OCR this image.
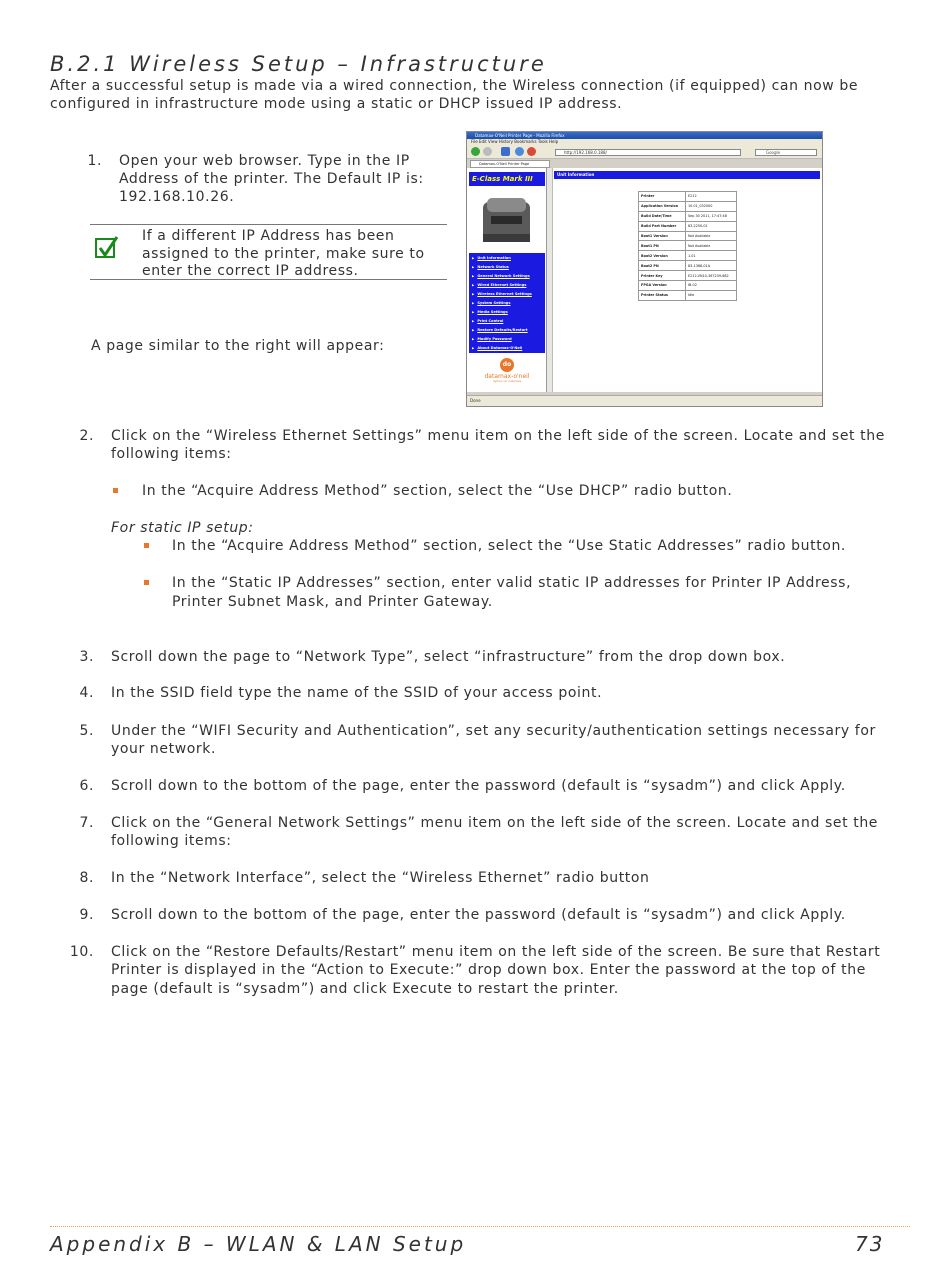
B.2.1 Wireless Setup – Infrastructure

After a successful setup is made via a wired connection, the Wireless connection (if equipped) can now be configured in infrastructure mode using a static or DHCP issued IP address.

1. Open your web browser. Type in the IP
Address of the printer. The Default IP is:
192.168.10.26.
If a different IP Address has been
assigned to the printer, make sure to
enter the correct IP address.
A page similar to the right will appear:
Datamax-O'Neil Printer Page - Mozilla Firefox
File Edit View History Bookmarks Tools Help
http://192.168.0.188/	Google
Datamax-O'Neil Printer Page
E-Class Mark III
▶ Unit Information
▶ Network Status
▶ General Network Settings
▶ Wired Ethernet Settings
▶ Wireless Ethernet Settings
▶ System Settings
▶ Media Settings
▶ Print Control
▶ Restore Defaults/Restart
▶ Modify Password
▶ About Datamax-O'Neil
do
datamax-o'neil
right by our customers
Unit Information
Printer	E212
Application Version	10.01_032000
Build Date/Time	Sep 30 2011, 17:47:48
Build Part Number	83-2250-01
Boot1 Version	Not Available
Boot1 PN	Not Available
Boot2 Version	1.01
Boot2 PN	83-1368-01A
Printer Key	E212-VN10-367239-682
FPGA Version	IB-02
Printer Status	Idle
Done
2. Click on the “Wireless Ethernet Settings” menu item on the left side of the screen. Locate and set the
following items:
In the “Acquire Address Method” section, select the “Use DHCP” radio button.
For static IP setup:
In the “Acquire Address Method” section, select the “Use Static Addresses” radio button.
In the “Static IP Addresses” section, enter valid static IP addresses for Printer IP Address,
Printer Subnet Mask, and Printer Gateway.
3. Scroll down the page to “Network Type”, select “infrastructure” from the drop down box.
4. In the SSID field type the name of the SSID of your access point.
5. Under the “WIFI Security and Authentication”, set any security/authentication settings necessary for
your network.
6. Scroll down to the bottom of the page, enter the password (default is “sysadm”) and click Apply.
7. Click on the “General Network Settings” menu item on the left side of the screen. Locate and set the
following items:
8. In the “Network Interface”, select the “Wireless Ethernet” radio button
9. Scroll down to the bottom of the page, enter the password (default is “sysadm”) and click Apply.
10. Click on the “Restore Defaults/Restart” menu item on the left side of the screen. Be sure that Restart
Printer is displayed in the “Action to Execute:” drop down box. Enter the password at the top of the
page (default is “sysadm”) and click Execute to restart the printer.
Appendix B – WLAN & LAN Setup	73
